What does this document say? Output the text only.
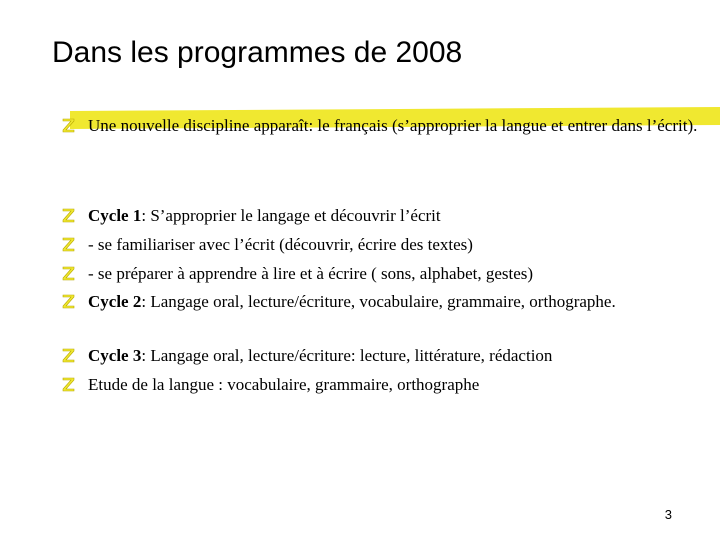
Dans les programmes de 2008
Une nouvelle discipline apparaît: le français (s’approprier la langue et entrer dans l’écrit).
Cycle 1: S’approprier le langage et découvrir l’écrit
- se familiariser avec l’écrit (découvrir, écrire des textes)
- se préparer à apprendre à lire et à écrire ( sons, alphabet, gestes)
Cycle 2: Langage oral, lecture/écriture, vocabulaire, grammaire, orthographe.
Cycle 3: Langage oral, lecture/écriture: lecture, littérature, rédaction
Etude de la langue : vocabulaire, grammaire, orthographe
3
